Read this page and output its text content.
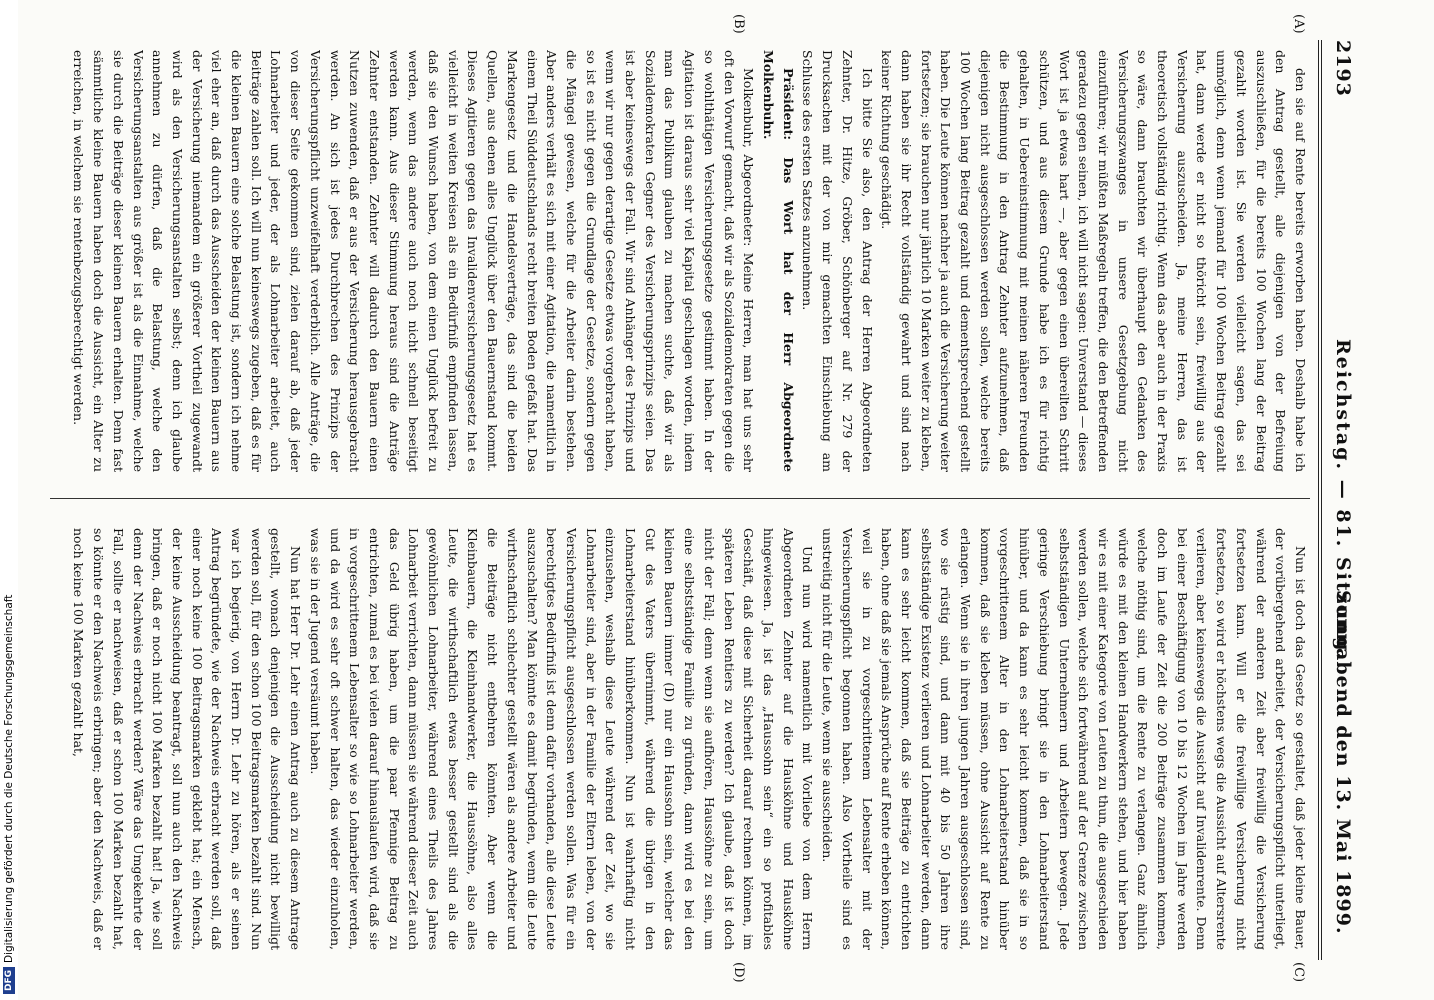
Sonnabend den 13. Mai 1899.
Reichstag. — 81. Sitzung.
2193
(A)
(B)
(C)
(D)

den sie auf Rente bereits erworben haben. Deshalb habe ich den Antrag gestellt, alle diejenigen von der Befreiung auszuschließen, für die bereits 100 Wochen lang der Beitrag gezahlt worden ist. Sie werden vielleicht sagen, das sei unmöglich, denn wenn jemand für 100 Wochen Beitrag gezahlt hat, dann werde er nicht so thöricht sein, freiwillig aus der Versicherung auszuscheiden. Ja, meine Herren, das ist theoretisch vollständig richtig. Wenn das aber auch in der Praxis so wäre, dann brauchten wir überhaupt den Gedanken des Versicherungszwanges in unsere Gesetzgebung nicht einzuführen; wir müßten Maßregeln treffen, die den Betreffenden geradezu gegen seinen, ich will nicht sagen: Unverstand — dieses Wort ist ja etwas hart —, aber gegen einen übereilten Schritt schützen, und aus diesem Grunde habe ich es für richtig gehalten, in Uebereinstimmung mit meinen näheren Freunden die Bestimmung in den Antrag Zehnter aufzunehmen, daß diejenigen nicht ausgeschlossen werden sollen, welche bereits 100 Wochen lang Beitrag gezahlt und dementsprechend gestellt haben. Die Leute können nachher ja auch die Versicherung weiter fortsetzen; sie brauchen nur jährlich 10 Marken weiter zu kleben, dann haben sie ihr Recht vollständig gewahrt und sind nach keiner Richtung geschädigt.

Ich bitte Sie also, den Antrag der Herren Abgeordneten Zehnter, Dr. Hitze, Gröber, Schönberger auf Nr. 279 der Drucksachen mit der von mir gemachten Einschiebung am Schlusse des ersten Satzes anzunehmen.

Präsident: Das Wort hat der Herr Abgeordnete Molkenbuhr.

Molkenbuhr, Abgeordneter: Meine Herren, man hat uns sehr oft den Vorwurf gemacht, daß wir als Sozialdemokraten gegen die so wohlthätigen Versicherungsgesetze gestimmt haben. In der Agitation ist daraus sehr viel Kapital geschlagen worden, indem man das Publikum glauben zu machen suchte, daß wir als Sozialdemokraten Gegner des Versicherungsprinzips seien. Das ist aber keineswegs der Fall. Wir sind Anhänger des Prinzips und wenn wir nur gegen derartige Gesetze etwas vorgebracht haben, so ist es nicht gegen die Grundlage der Gesetze, sondern gegen die Mängel gewesen, welche für die Arbeiter darin bestehen. Aber anders verhält es sich mit einer Agitation, die namentlich in einem Theil Süddeutschlands recht breiten Boden gefaßt hat. Das Markengesetz und die Handelsverträge, das sind die beiden Quellen, aus denen alles Unglück über den Bauernstand kommt. Dieses Agitieren gegen das Invalidenversicherungsgesetz hat es vielleicht in weiten Kreisen als ein Bedürfniß empfinden lassen, daß sie den Wunsch haben, von dem einen Unglück befreit zu werden, wenn das andere auch noch nicht schnell beseitigt werden kann. Aus dieser Stimmung heraus sind die Anträge Zehnter entstanden. Zehnter will dadurch den Bauern einen Nutzen zuwenden, daß er aus der Versicherung herausgebracht werden. An sich ist jedes Durchbrechen des Prinzips der Versicherungspflicht unzweifelhaft verderblich. Alle Anträge, die von dieser Seite gekommen sind, zielen darauf ab, daß jeder Lohnarbeiter und jeder, der als Lohnarbeiter arbeitet, auch Beiträge zahlen soll. Ich will nun keineswegs zugeben, daß es für die kleinen Bauern eine solche Belastung ist, sondern ich nehme viel eher an, daß durch das Ausscheiden der kleinen Bauern aus der Versicherung niemandem ein größerer Vortheil zugewandt wird als den Versicherungsanstalten selbst; denn ich glaube annehmen zu dürfen, daß die Belastung, welche den Versicherungsanstalten aus größer ist als die Einnahme, welche sie durch die Beiträge dieser kleinen Bauern erhalten. Denn fast sämmtliche kleine Bauern haben doch die Aussicht, ein Alter zu erreichen, in welchem sie rentenbezugsberechtigt werden.

Nun ist doch das Gesetz so gestaltet, daß jeder kleine Bauer, der vorübergehend arbeitet, der Versicherungspflicht unterliegt, während der anderen Zeit aber freiwillig die Versicherung fortsetzen kann. Will er die freiwillige Versicherung nicht fortsetzen, so wird er höchstens wegs die Aussicht auf Altersrente verlieren, aber keineswegs die Aussicht auf Invalidenrente. Denn bei einer Beschäftigung von 10 bis 12 Wochen im Jahre werden doch im Laufe der Zeit die 200 Beiträge zusammen kommen, welche nöthig sind, um die Rente zu verlangen. Ganz ähnlich würde es mit den kleinen Handwerkern stehen, und hier haben wir es mit einer Kategorie von Leuten zu thun, die ausgeschieden werden sollen, welche sich fortwährend auf der Grenze zwischen selbstständigen Unternehmern und Arbeitern bewegen. Jede geringe Verschiebung bringt sie in den Lohnarbeiterstand hinüber, und da kann es sehr leicht kommen, daß sie in so vorgeschrittenem Alter in den Lohnarbeiterstand hinüber kommen, daß sie kleben müssen, ohne Aussicht auf Rente zu erlangen. Wenn sie in ihren jungen Jahren ausgeschlossen sind, wo sie rüstig sind, und dann mit 40 bis 50 Jahren ihre selbstständige Existenz verlieren und Lohnarbeiter werden, dann kann es sehr leicht kommen, daß sie Beiträge zu entrichten haben, ohne daß sie jemals Ansprüche auf Rente erheben können, weil sie in zu vorgeschrittenem Lebensalter mit der Versicherungspflicht begonnen haben. Also Vortheile sind es unstreitig nicht für die Leute, wenn sie ausscheiden.

Und nun wird namentlich mit Vorliebe von dem Herrn Abgeordneten Zehnter auf die Hausköhne und Hausköhne hingewiesen. Ja, ist das „Haussohn sein“ ein so profitables Geschäft, daß diese mit Sicherheit darauf rechnen können, im späteren Leben Rentiers zu werden? Ich glaube, daß ist doch nicht der Fall; denn wenn sie aufhören, Haussöhne zu sein, um eine selbstständige Familie zu gründen, dann wird es bei den kleinen Bauern immer (D) nur ein Haussohn sein, welcher das Gut des Vaters übernimmt, während die übrigen in den Lohnarbeiterstand hinüberkommen. Nun ist wahrhaftig nicht einzusehen, weshalb diese Leute während der Zeit, wo sie Lohnarbeiter sind, aber in der Familie der Eltern leben, von der Versicherungspflicht ausgeschlossen werden sollen. Was für ein berechtigtes Bedürfniß ist denn dafür vorhanden, alle diese Leute auszuschalten? Man könnte es damit begründen, wenn die Leute wirthschaftlich schlechter gestellt wären als andere Arbeiter und die Beiträge nicht entbehren könnten. Aber wenn die Kleinbauern, die Kleinhandwerker, die Haussöhne, also alles Leute, die wirthschaftlich etwas besser gestellt sind als die gewöhnlichen Lohnarbeiter, während eines Theils des Jahres Lohnarbeit verrichten, dann müssen sie während dieser Zeit auch das Geld übrig haben, um die paar Pfennige Beitrag zu entrichten, zumal es bei vielen darauf hinauslaufen wird, daß sie in vorgeschrittenem Lebensalter so wie so Lohnarbeiter werden, und da wird es sehr oft schwer halten, das wieder einzuholen, was sie in der Jugend versäumt haben.

Nun hat Herr Dr. Lehr einen Antrag auch zu diesem Antrage gestellt, wonach denjenigen die Ausscheidung nicht bewilligt werden soll, für den schon 100 Beitragsmarken bezahlt sind. Nun war ich begierig, von Herrn Dr. Lehr zu hören, als er seinen Antrag begründete, wie der Nachweis erbracht werden soll, daß einer noch keine 100 Beitragsmarken geklebt hat; ein Mensch, der keine Ausscheidung beantragt, soll nun auch den Nachweis bringen, daß er noch nicht 100 Marken bezahlt hat! Ja, wie soll denn der Nachweis erbracht werden? Wäre das Umgekehrte der Fall, sollte er nachweisen, daß er schon 100 Marken bezahlt hat, so könnte er den Nachweis erbringen; aber den Nachweis, daß er noch keine 100 Marken gezahlt hat,

DFGDigitalisierung gefördert durch die Deutsche Forschungsgemeinschaft
